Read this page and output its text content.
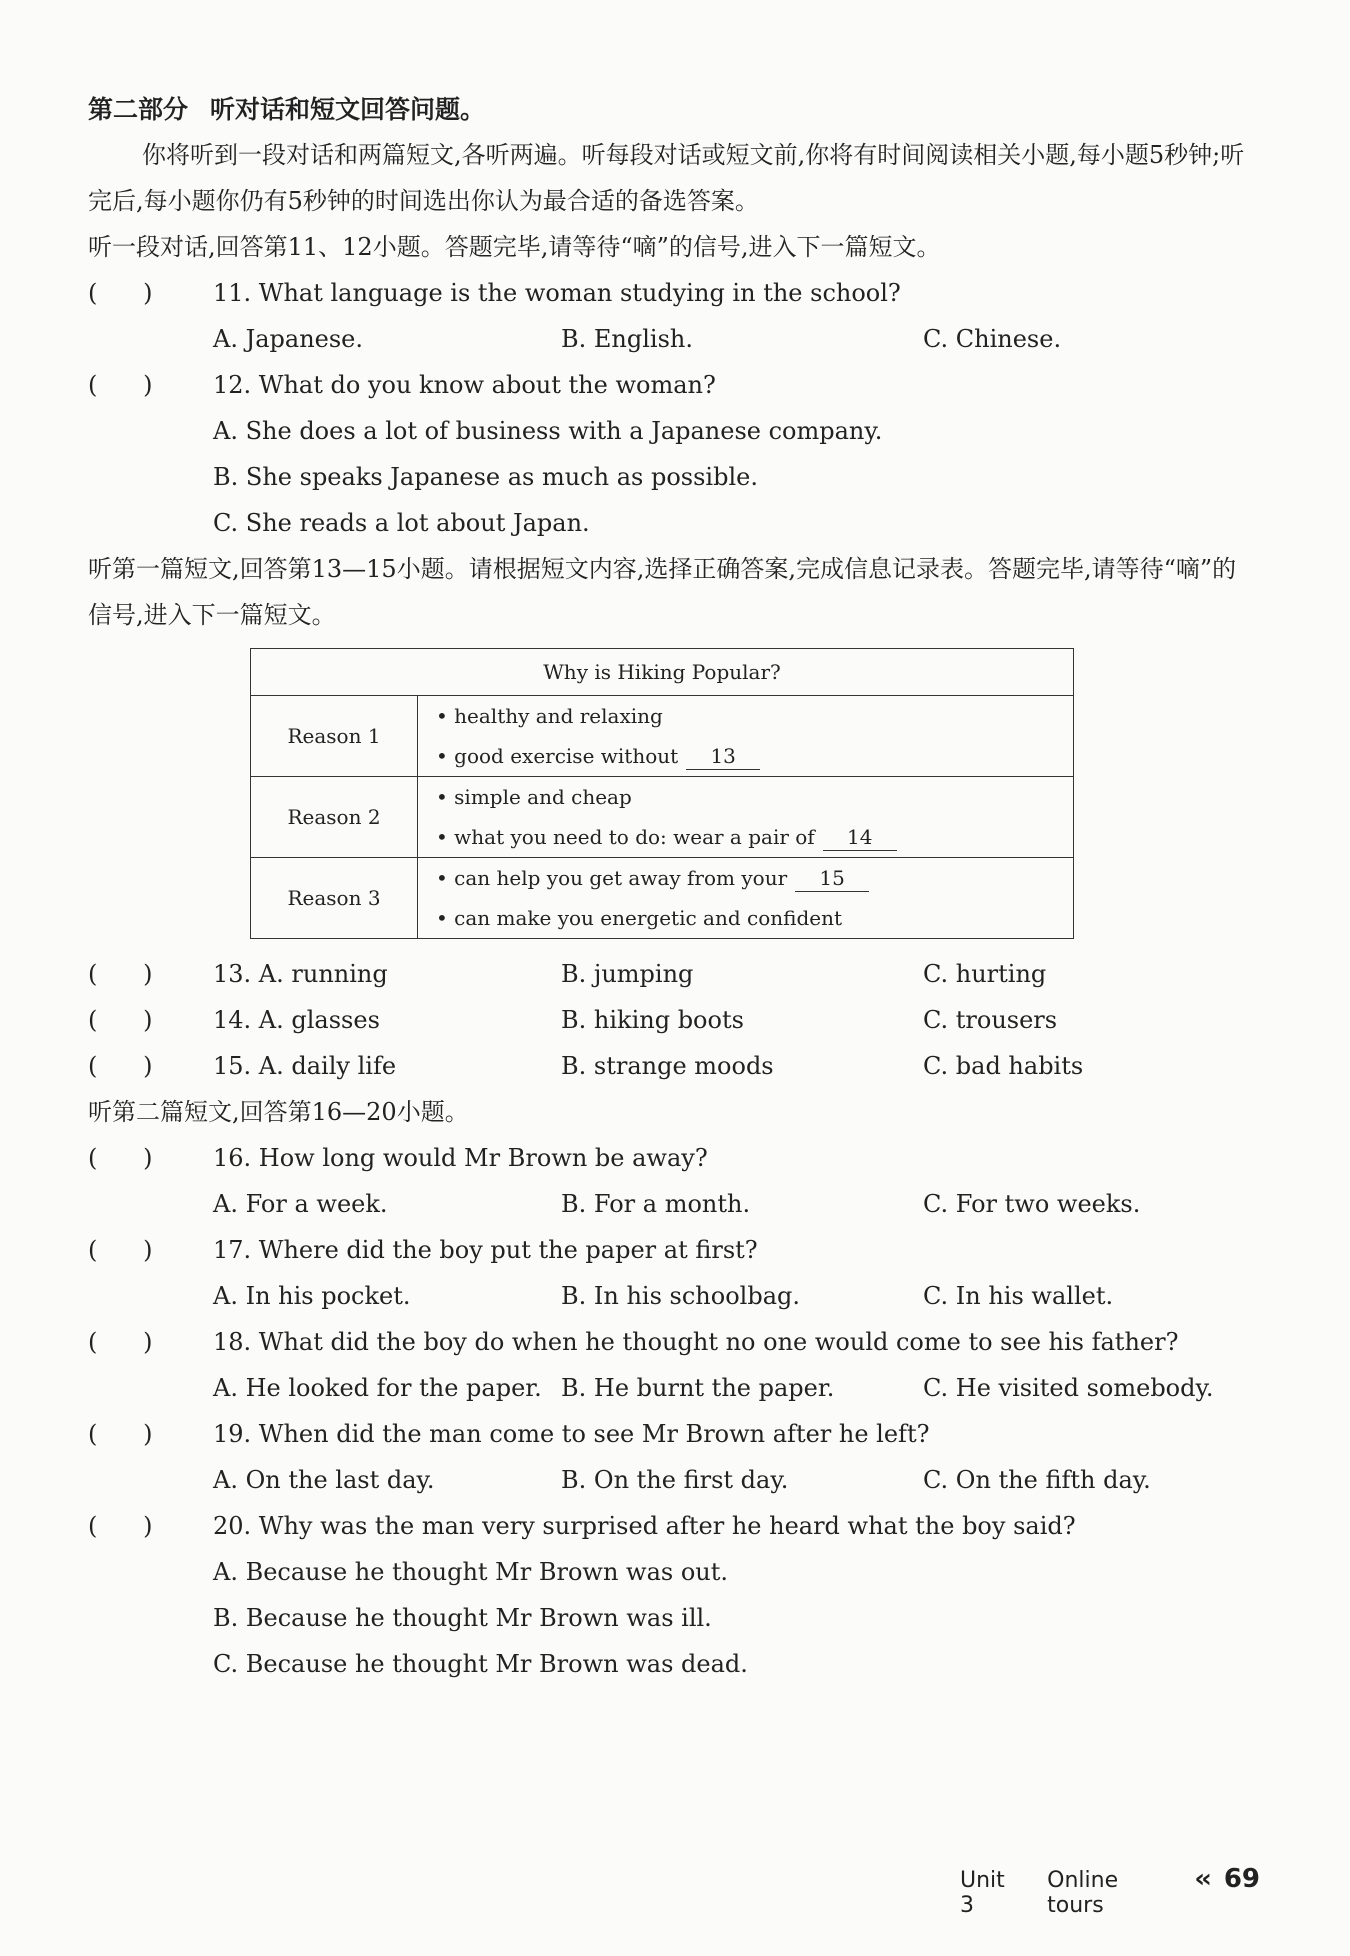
第二部分 听对话和短文回答问题。

你将听到一段对话和两篇短文,各听两遍。听每段对话或短文前,你将有时间阅读相关小题,每小题5秒钟;听完后,每小题你仍有5秒钟的时间选出你认为最合适的备选答案。

听一段对话,回答第11、12小题。答题完毕,请等待“嘀”的信号,进入下一篇短文。

(      )	11. What language is the woman studying in the school?
A. Japanese.	B. English.	C. Chinese.
(      )	12. What do you know about the woman?
A. She does a lot of business with a Japanese company.
B. She speaks Japanese as much as possible.
C. She reads a lot about Japan.

听第一篇短文,回答第13—15小题。请根据短文内容,选择正确答案,完成信息记录表。答题完毕,请等待“嘀”的信号,进入下一篇短文。

Why is Hiking Popular?	
Reason 1	• healthy and relaxing
• good exercise without 13

Reason 2	• simple and cheap
• what you need to do: wear a pair of 14

Reason 3	• can help you get away from your 15
• can make you energetic and confident
(      )	13. A. running	B. jumping	C. hurting
(      )	14. A. glasses	B. hiking boots	C. trousers
(      )	15. A. daily life	B. strange moods	C. bad habits

听第二篇短文,回答第16—20小题。

(      )	16. How long would Mr Brown be away?
A. For a week.	B. For a month.	C. For two weeks.
(      )	17. Where did the boy put the paper at first?
A. In his pocket.	B. In his schoolbag.	C. In his wallet.
(      )	18. What did the boy do when he thought no one would come to see his father?
A. He looked for the paper. B. He burnt the paper.	C. He visited somebody.
(      )	19. When did the man come to see Mr Brown after he left?
A. On the last day.	B. On the first day.	C. On the fifth day.
(      )	20. Why was the man very surprised after he heard what the boy said?
A. Because he thought Mr Brown was out.
B. Because he thought Mr Brown was ill.
C. Because he thought Mr Brown was dead.
Unit 3
Online tours
‹‹ 69
